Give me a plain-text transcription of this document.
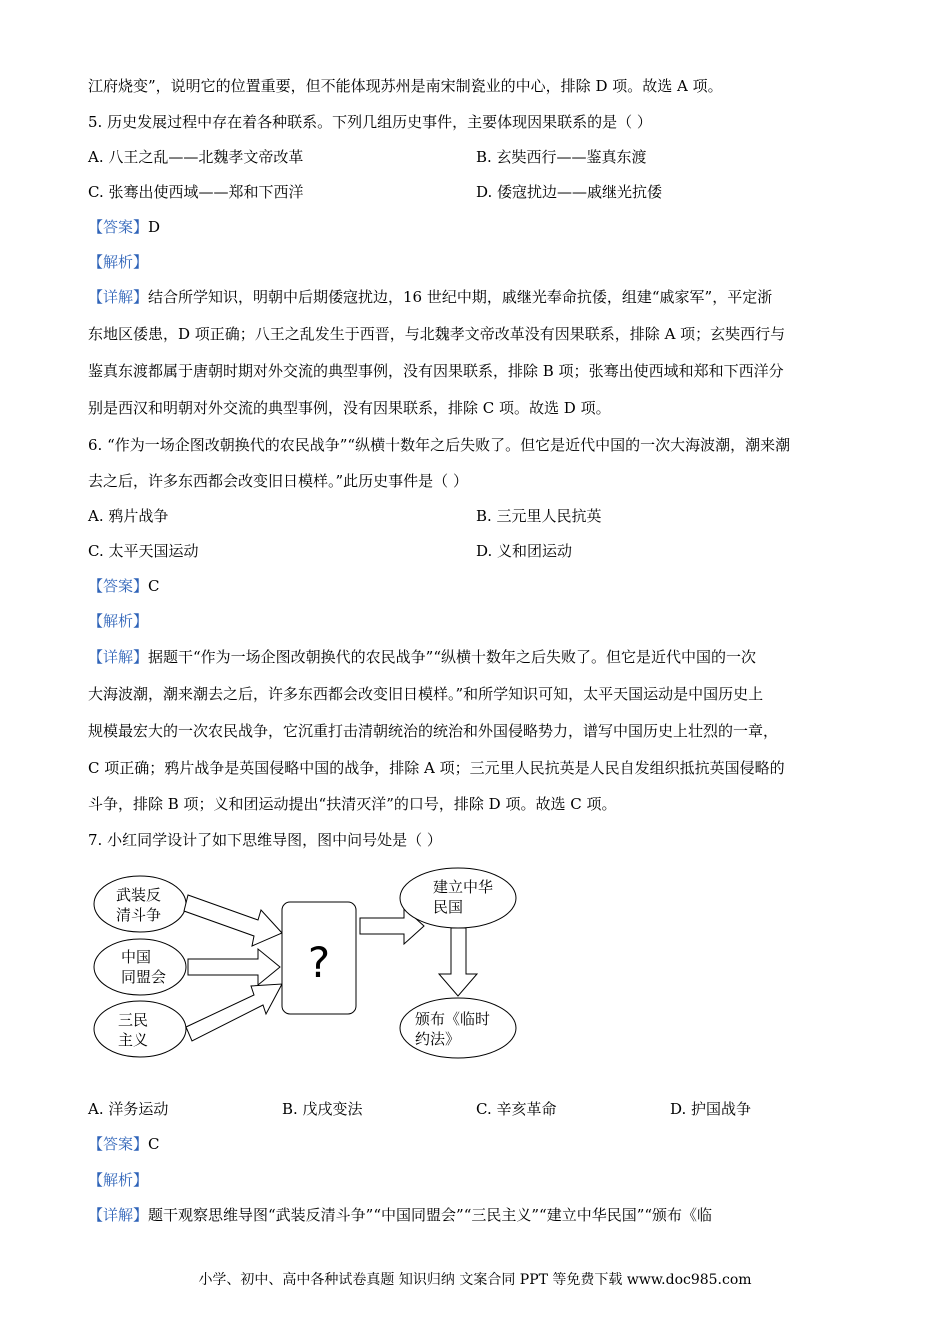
江府烧变”，说明它的位置重要，但不能体现苏州是南宋制瓷业的中心，排除 D 项。故选 A 项。
5. 历史发展过程中存在着各种联系。下列几组历史事件，主要体现因果联系的是（ ）
A. 八王之乱——北魏孝文帝改革	B. 玄奘西行——鉴真东渡
C. 张骞出使西域——郑和下西洋	D. 倭寇扰边——戚继光抗倭
【答案】D
【解析】
【详解】结合所学知识，明朝中后期倭寇扰边，16 世纪中期，戚继光奉命抗倭，组建“戚家军”，平定浙
东地区倭患，D 项正确；八王之乱发生于西晋，与北魏孝文帝改革没有因果联系，排除 A 项；玄奘西行与
鉴真东渡都属于唐朝时期对外交流的典型事例，没有因果联系，排除 B 项；张骞出使西域和郑和下西洋分
别是西汉和明朝对外交流的典型事例，没有因果联系，排除 C 项。故选 D 项。
6. “作为一场企图改朝换代的农民战争”“纵横十数年之后失败了。但它是近代中国的一次大海波潮，潮来潮
去之后，许多东西都会改变旧日模样。”此历史事件是（ ）
A. 鸦片战争	B. 三元里人民抗英
C. 太平天国运动	D. 义和团运动
【答案】C
【解析】
【详解】据题干“作为一场企图改朝换代的农民战争”“纵横十数年之后失败了。但它是近代中国的一次
大海波潮，潮来潮去之后，许多东西都会改变旧日模样。”和所学知识可知，太平天国运动是中国历史上
规模最宏大的一次农民战争，它沉重打击清朝统治的统治和外国侵略势力，谱写中国历史上壮烈的一章，
C 项正确；鸦片战争是英国侵略中国的战争，排除 A 项；三元里人民抗英是人民自发组织抵抗英国侵略的
斗争，排除 B 项；义和团运动提出“扶清灭洋”的口号，排除 D 项。故选 C 项。
7. 小红同学设计了如下思维导图，图中问号处是（ ）
武装反
清斗争
中国
同盟会
三民
主义
?
建立中华
民国
颁布《临时
约法》
A. 洋务运动	B. 戊戌变法	C. 辛亥革命	D. 护国战争
【答案】C
【解析】
【详解】题干观察思维导图“武装反清斗争”“中国同盟会”“三民主义”“建立中华民国”“颁布《临
小学、初中、高中各种试卷真题 知识归纳 文案合同 PPT 等免费下载 www.doc985.com
